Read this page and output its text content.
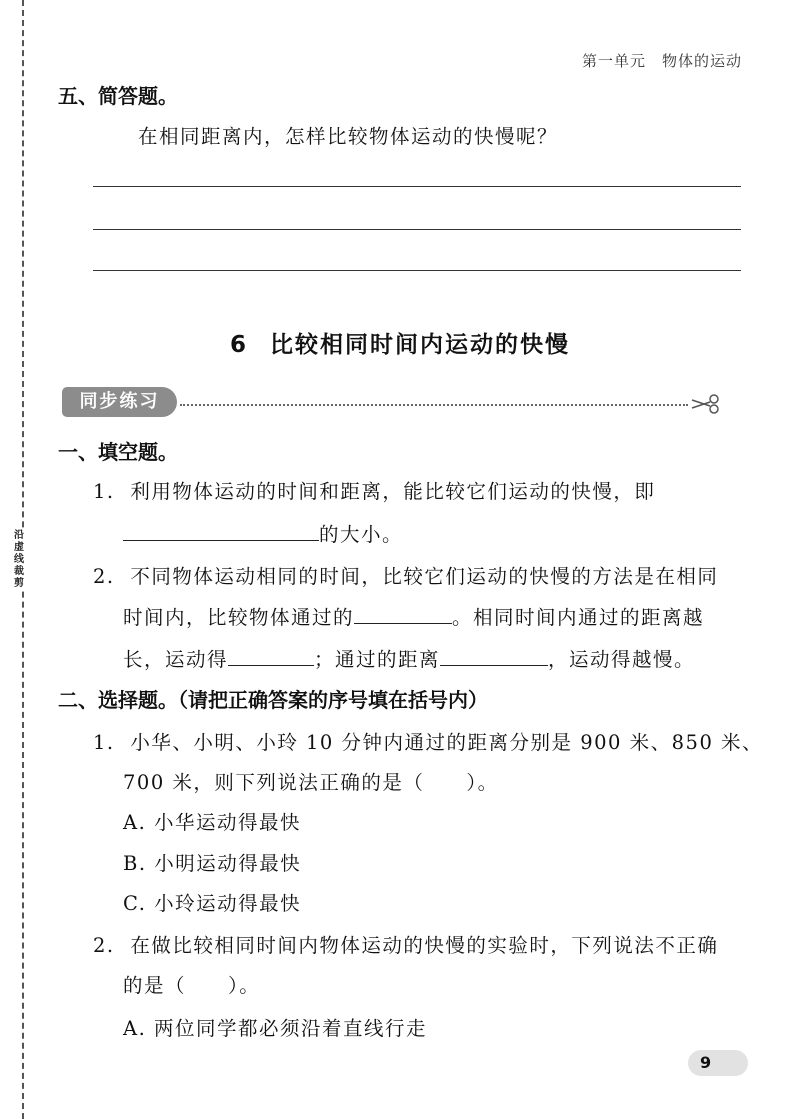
沿虚线裁剪
第一单元 物体的运动
五、简答题。
在相同距离内，怎样比较物体运动的快慢呢？
6 比较相同时间内运动的快慢
同步练习
一、填空题。
1. 利用物体运动的时间和距离，能比较它们运动的快慢，即
的大小。
2. 不同物体运动相同的时间，比较它们运动的快慢的方法是在相同
时间内，比较物体通过的	。相同时间内通过的距离越
长，运动得	；通过的距离	，运动得越慢。
二、选择题。（请把正确答案的序号填在括号内）
1. 小华、小明、小玲 10 分钟内通过的距离分别是 900 米、850 米、
700 米，则下列说法正确的是（　　）。
A. 小华运动得最快
B. 小明运动得最快
C. 小玲运动得最快
2. 在做比较相同时间内物体运动的快慢的实验时，下列说法不正确
的是（　　）。
A. 两位同学都必须沿着直线行走
9
